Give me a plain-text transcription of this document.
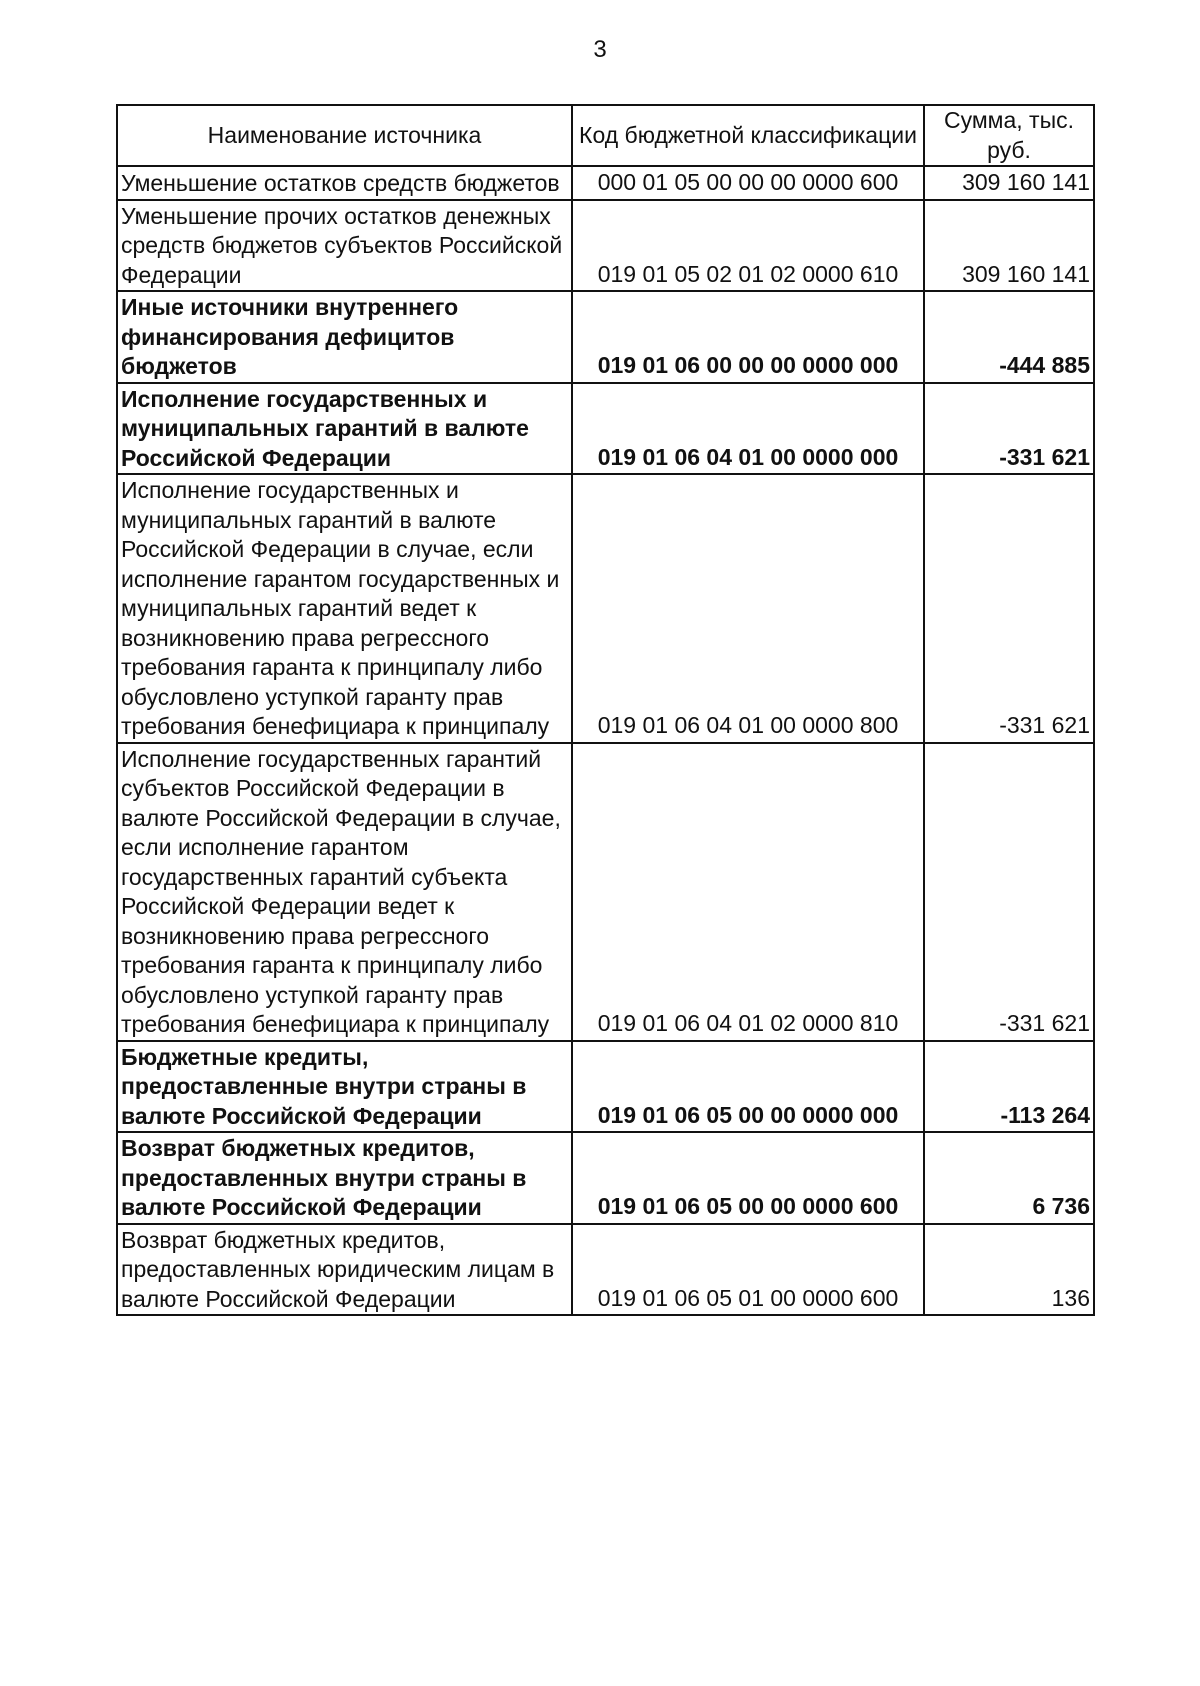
3
Наименование источника	Код бюджетной классификации	Сумма, тыс. руб.
Уменьшение остатков средств бюджетов	000 01 05 00 00 00 0000 600	309 160 141
Уменьшение прочих остатков денежных средств бюджетов субъектов Российской Федерации	019 01 05 02 01 02 0000 610	309 160 141
Иные источники внутреннего финансирования дефицитов бюджетов	019 01 06 00 00 00 0000 000	-444 885
Исполнение государственных и муниципальных гарантий в валюте Российской Федерации	019 01 06 04 01 00 0000 000	-331 621
Исполнение государственных и муниципальных гарантий в валюте Российской Федерации в случае, если исполнение гарантом государственных и муниципальных гарантий ведет к возникновению права регрессного требования гаранта к принципалу либо обусловлено уступкой гаранту прав требования бенефициара к принципалу	019 01 06 04 01 00 0000 800	-331 621
Исполнение государственных гарантий субъектов Российской Федерации в валюте Российской Федерации в случае, если исполнение гарантом государственных гарантий субъекта Российской Федерации ведет к возникновению права регрессного требования гаранта к принципалу либо обусловлено уступкой гаранту прав требования бенефициара к принципалу	019 01 06 04 01 02 0000 810	-331 621
Бюджетные кредиты, предоставленные внутри страны в валюте Российской Федерации	019 01 06 05 00 00 0000 000	-113 264
Возврат бюджетных кредитов, предоставленных внутри страны в валюте Российской Федерации	019 01 06 05 00 00 0000 600	6 736
Возврат бюджетных кредитов, предоставленных юридическим лицам в валюте Российской Федерации	019 01 06 05 01 00 0000 600	136
